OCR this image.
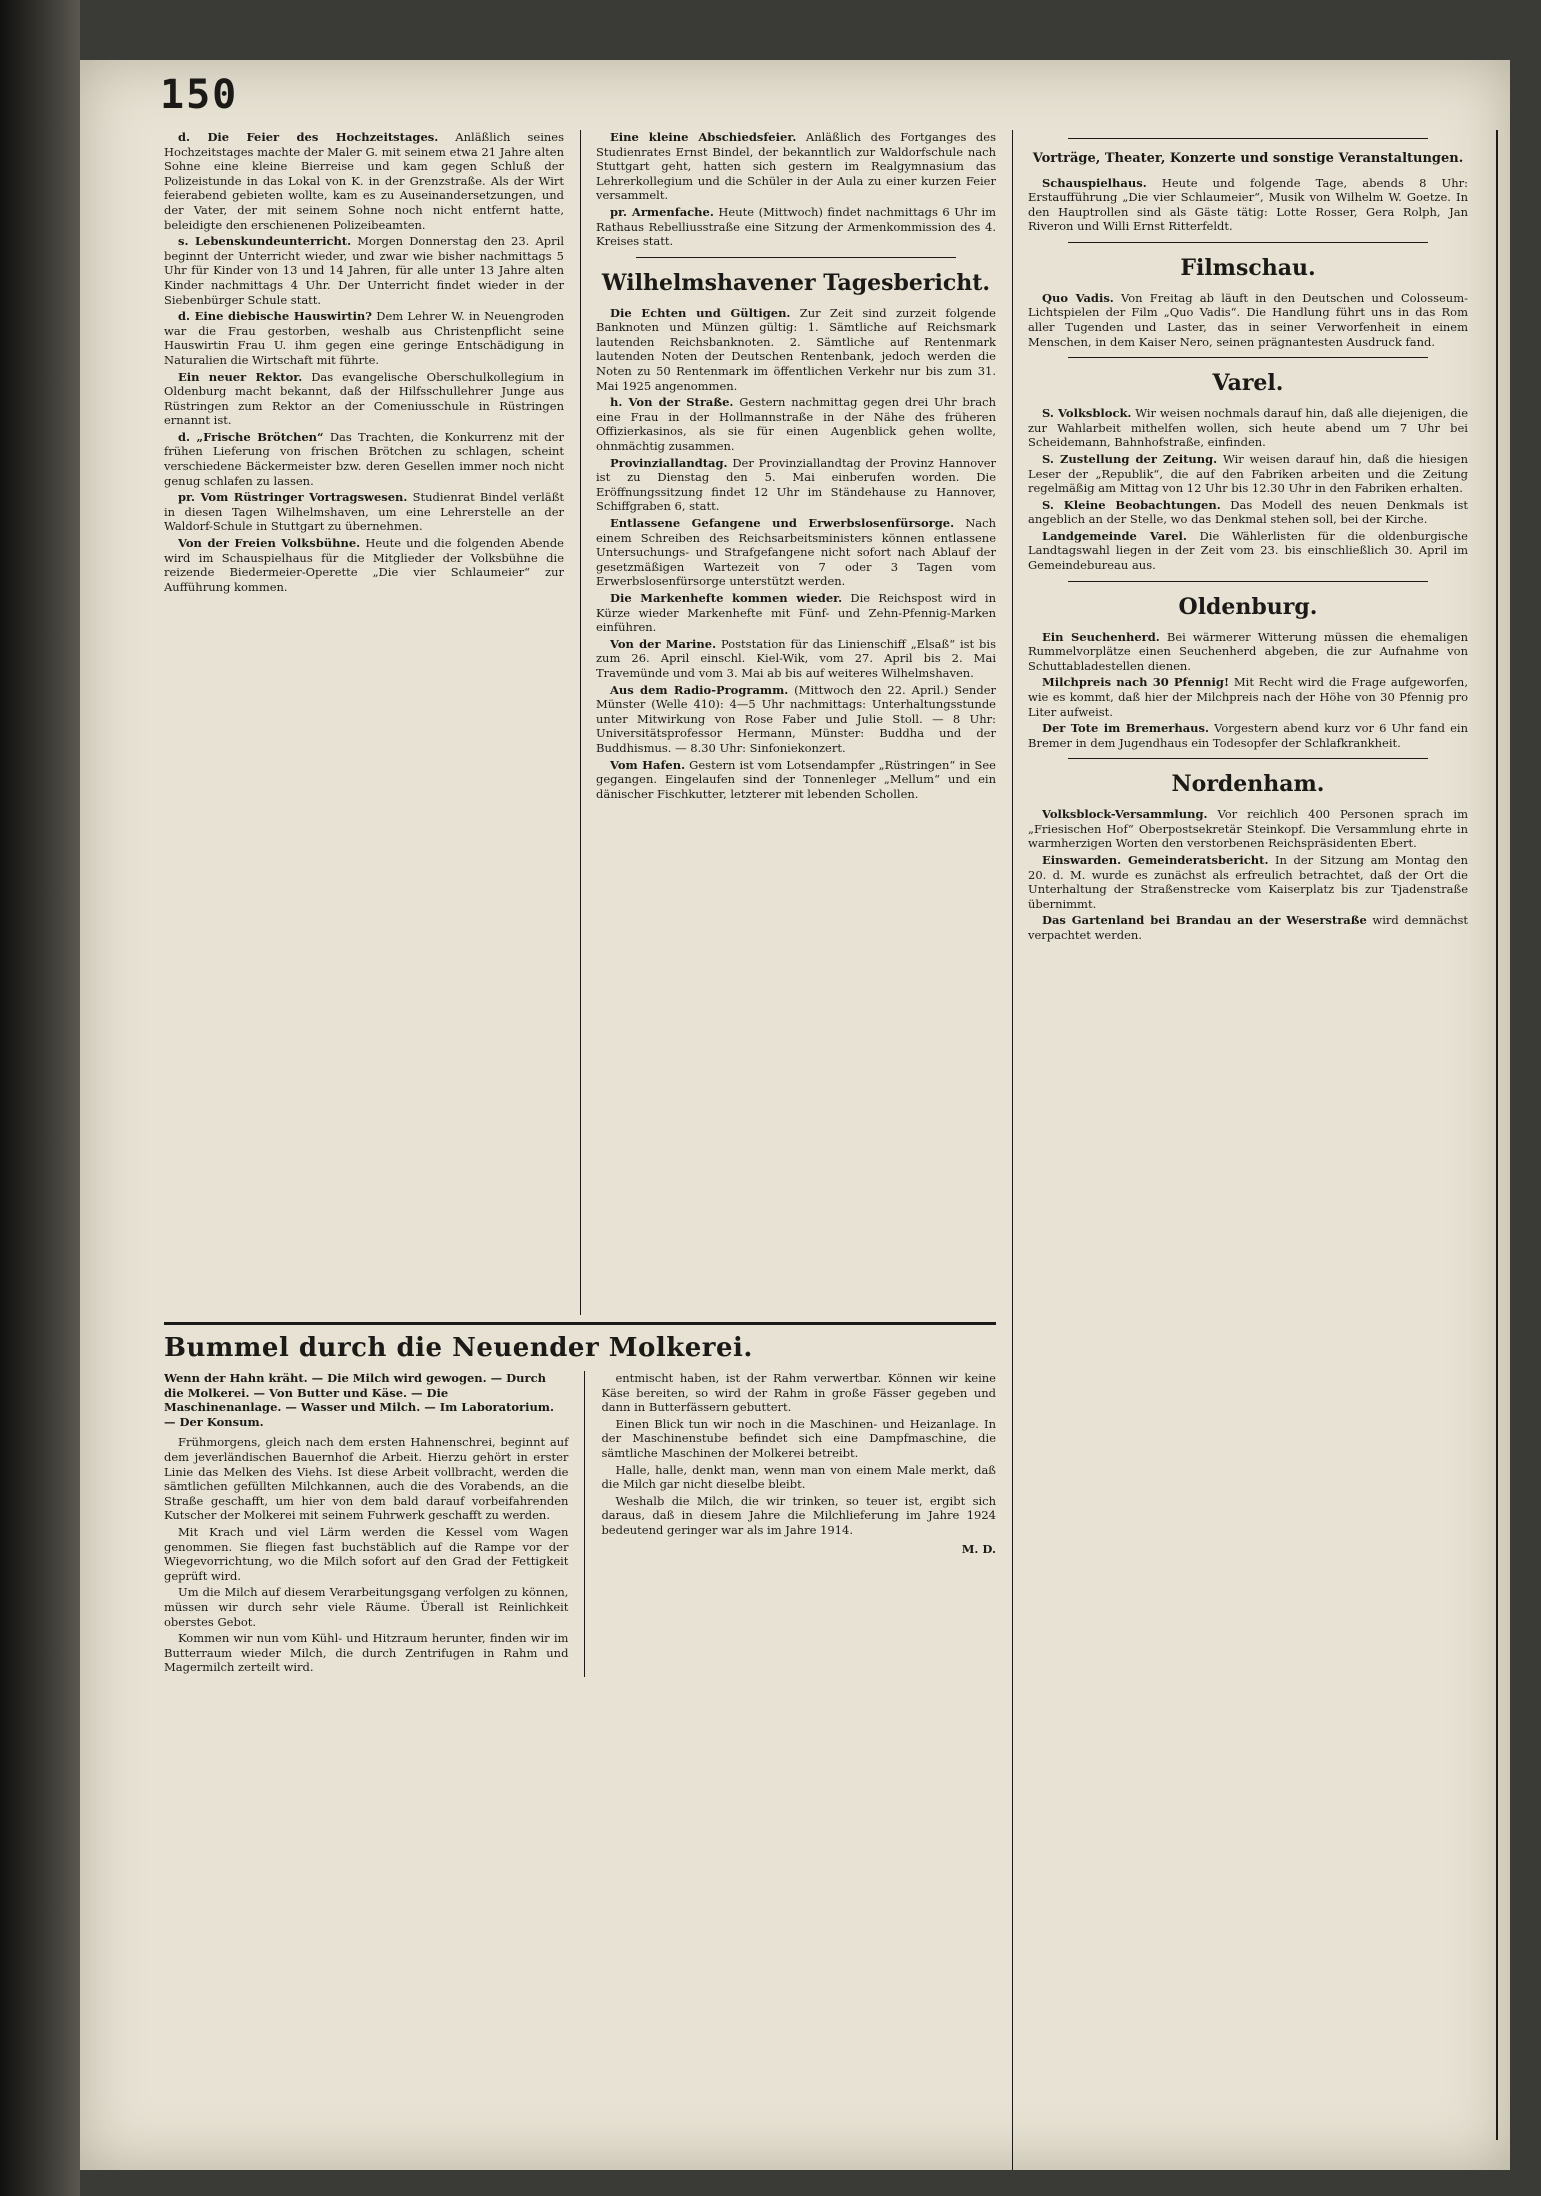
150

d. Die Feier des Hochzeitstages. Anläßlich seines Hochzeitstages machte der Maler G. mit seinem etwa 21 Jahre alten Sohne eine kleine Bierreise und kam gegen Schluß der Polizeistunde in das Lokal von K. in der Grenzstraße. Als der Wirt feierabend gebieten wollte, kam es zu Auseinandersetzungen, und der Vater, der mit seinem Sohne noch nicht entfernt hatte, beleidigte den erschienenen Polizeibeamten.

s. Lebenskundeunterricht. Morgen Donnerstag den 23. April beginnt der Unterricht wieder, und zwar wie bisher nachmittags 5 Uhr für Kinder von 13 und 14 Jahren, für alle unter 13 Jahre alten Kinder nachmittags 4 Uhr. Der Unterricht findet wieder in der Siebenbürger Schule statt.

d. Eine diebische Hauswirtin? Dem Lehrer W. in Neuengroden war die Frau gestorben, weshalb aus Christenpflicht seine Hauswirtin Frau U. ihm gegen eine geringe Entschädigung in Naturalien die Wirtschaft mit führte.

Ein neuer Rektor. Das evangelische Oberschulkollegium in Oldenburg macht bekannt, daß der Hilfsschullehrer Junge aus Rüstringen zum Rektor an der Comeniusschule in Rüstringen ernannt ist.

d. „Frische Brötchen“ Das Trachten, die Konkurrenz mit der frühen Lieferung von frischen Brötchen zu schlagen, scheint verschiedene Bäckermeister bzw. deren Gesellen immer noch nicht genug schlafen zu lassen.

pr. Vom Rüstringer Vortragswesen. Studienrat Bindel verläßt in diesen Tagen Wilhelmshaven, um eine Lehrerstelle an der Waldorf-Schule in Stuttgart zu übernehmen.

Von der Freien Volksbühne. Heute und die folgenden Abende wird im Schauspielhaus für die Mitglieder der Volksbühne die reizende Biedermeier-Operette „Die vier Schlaumeier“ zur Aufführung kommen.

Eine kleine Abschiedsfeier. Anläßlich des Fortganges des Studienrates Ernst Bindel, der bekanntlich zur Waldorfschule nach Stuttgart geht, hatten sich gestern im Realgymnasium das Lehrerkollegium und die Schüler in der Aula zu einer kurzen Feier versammelt.

pr. Armenfache. Heute (Mittwoch) findet nachmittags 6 Uhr im Rathaus Rebelliusstraße eine Sitzung der Armenkommission des 4. Kreises statt.

Wilhelmshavener Tagesbericht.

Die Echten und Gültigen. Zur Zeit sind zurzeit folgende Banknoten und Münzen gültig: 1. Sämtliche auf Reichsmark lautenden Reichsbanknoten. 2. Sämtliche auf Rentenmark lautenden Noten der Deutschen Rentenbank, jedoch werden die Noten zu 50 Rentenmark im öffentlichen Verkehr nur bis zum 31. Mai 1925 angenommen.

h. Von der Straße. Gestern nachmittag gegen drei Uhr brach eine Frau in der Hollmannstraße in der Nähe des früheren Offizierkasinos, als sie für einen Augenblick gehen wollte, ohnmächtig zusammen.

Provinziallandtag. Der Provinziallandtag der Provinz Hannover ist zu Dienstag den 5. Mai einberufen worden. Die Eröffnungssitzung findet 12 Uhr im Ständehause zu Hannover, Schiffgraben 6, statt.

Entlassene Gefangene und Erwerbslosenfürsorge. Nach einem Schreiben des Reichsarbeitsministers können entlassene Untersuchungs- und Strafgefangene nicht sofort nach Ablauf der gesetzmäßigen Wartezeit von 7 oder 3 Tagen vom Erwerbslosenfürsorge unterstützt werden.

Die Markenhefte kommen wieder. Die Reichspost wird in Kürze wieder Markenhefte mit Fünf- und Zehn-Pfennig-Marken einführen.

Von der Marine. Poststation für das Linienschiff „Elsaß“ ist bis zum 26. April einschl. Kiel-Wik, vom 27. April bis 2. Mai Travemünde und vom 3. Mai ab bis auf weiteres Wilhelmshaven.

Aus dem Radio-Programm. (Mittwoch den 22. April.) Sender Münster (Welle 410): 4—5 Uhr nachmittags: Unterhaltungsstunde unter Mitwirkung von Rose Faber und Julie Stoll. — 8 Uhr: Universitätsprofessor Hermann, Münster: Buddha und der Buddhismus. — 8.30 Uhr: Sinfoniekonzert.

Vom Hafen. Gestern ist vom Lotsendampfer „Rüstringen“ in See gegangen. Eingelaufen sind der Tonnenleger „Mellum“ und ein dänischer Fischkutter, letzterer mit lebenden Schollen.

Vorträge, Theater, Konzerte und sonstige Veranstaltungen.

Schauspielhaus. Heute und folgende Tage, abends 8 Uhr: Erstaufführung „Die vier Schlaumeier“, Musik von Wilhelm W. Goetze. In den Hauptrollen sind als Gäste tätig: Lotte Rosser, Gera Rolph, Jan Riveron und Willi Ernst Ritterfeldt.

Filmschau.

Quo Vadis. Von Freitag ab läuft in den Deutschen und Colosseum-Lichtspielen der Film „Quo Vadis“. Die Handlung führt uns in das Rom aller Tugenden und Laster, das in seiner Verworfenheit in einem Menschen, in dem Kaiser Nero, seinen prägnantesten Ausdruck fand.

Varel.

S. Volksblock. Wir weisen nochmals darauf hin, daß alle diejenigen, die zur Wahlarbeit mithelfen wollen, sich heute abend um 7 Uhr bei Scheidemann, Bahnhofstraße, einfinden.

S. Zustellung der Zeitung. Wir weisen darauf hin, daß die hiesigen Leser der „Republik“, die auf den Fabriken arbeiten und die Zeitung regelmäßig am Mittag von 12 Uhr bis 12.30 Uhr in den Fabriken erhalten.

S. Kleine Beobachtungen. Das Modell des neuen Denkmals ist angeblich an der Stelle, wo das Denkmal stehen soll, bei der Kirche.

Landgemeinde Varel. Die Wählerlisten für die oldenburgische Landtagswahl liegen in der Zeit vom 23. bis einschließlich 30. April im Gemeindebureau aus.

Oldenburg.

Ein Seuchenherd. Bei wärmerer Witterung müssen die ehemaligen Rummelvorplätze einen Seuchenherd abgeben, die zur Aufnahme von Schuttabladestellen dienen.

Milchpreis nach 30 Pfennig! Mit Recht wird die Frage aufgeworfen, wie es kommt, daß hier der Milchpreis nach der Höhe von 30 Pfennig pro Liter aufweist.

Der Tote im Bremerhaus. Vorgestern abend kurz vor 6 Uhr fand ein Bremer in dem Jugendhaus ein Todesopfer der Schlafkrankheit.

Nordenham.

Volksblock-Versammlung. Vor reichlich 400 Personen sprach im „Friesischen Hof“ Oberpostsekretär Steinkopf. Die Versammlung ehrte in warmherzigen Worten den verstorbenen Reichspräsidenten Ebert.

Einswarden. Gemeinderatsbericht. In der Sitzung am Montag den 20. d. M. wurde es zunächst als erfreulich betrachtet, daß der Ort die Unterhaltung der Straßenstrecke vom Kaiserplatz bis zur Tjadenstraße übernimmt.

Das Gartenland bei Brandau an der Weserstraße wird demnächst verpachtet werden.

Bummel durch die Neuender Molkerei.
Wenn der Hahn kräht. — Die Milch wird gewogen. — Durch die Molkerei. — Von Butter und Käse. — Die Maschinenanlage. — Wasser und Milch. — Im Laboratorium. — Der Konsum.

Frühmorgens, gleich nach dem ersten Hahnenschrei, beginnt auf dem jeverländischen Bauernhof die Arbeit. Hierzu gehört in erster Linie das Melken des Viehs. Ist diese Arbeit vollbracht, werden die sämtlichen gefüllten Milchkannen, auch die des Vorabends, an die Straße geschafft, um hier von dem bald darauf vorbeifahrenden Kutscher der Molkerei mit seinem Fuhrwerk geschafft zu werden.

Mit Krach und viel Lärm werden die Kessel vom Wagen genommen. Sie fliegen fast buchstäblich auf die Rampe vor der Wiegevorrichtung, wo die Milch sofort auf den Grad der Fettigkeit geprüft wird.

Um die Milch auf diesem Verarbeitungsgang verfolgen zu können, müssen wir durch sehr viele Räume. Überall ist Reinlichkeit oberstes Gebot.

Kommen wir nun vom Kühl- und Hitzraum herunter, finden wir im Butterraum wieder Milch, die durch Zentrifugen in Rahm und Magermilch zerteilt wird.

entmischt haben, ist der Rahm verwertbar. Können wir keine Käse bereiten, so wird der Rahm in große Fässer gegeben und dann in Butterfässern gebuttert.

Einen Blick tun wir noch in die Maschinen- und Heizanlage. In der Maschinenstube befindet sich eine Dampfmaschine, die sämtliche Maschinen der Molkerei betreibt.

Halle, halle, denkt man, wenn man von einem Male merkt, daß die Milch gar nicht dieselbe bleibt.

Weshalb die Milch, die wir trinken, so teuer ist, ergibt sich daraus, daß in diesem Jahre die Milchlieferung im Jahre 1924 bedeutend geringer war als im Jahre 1914.

M. D.
